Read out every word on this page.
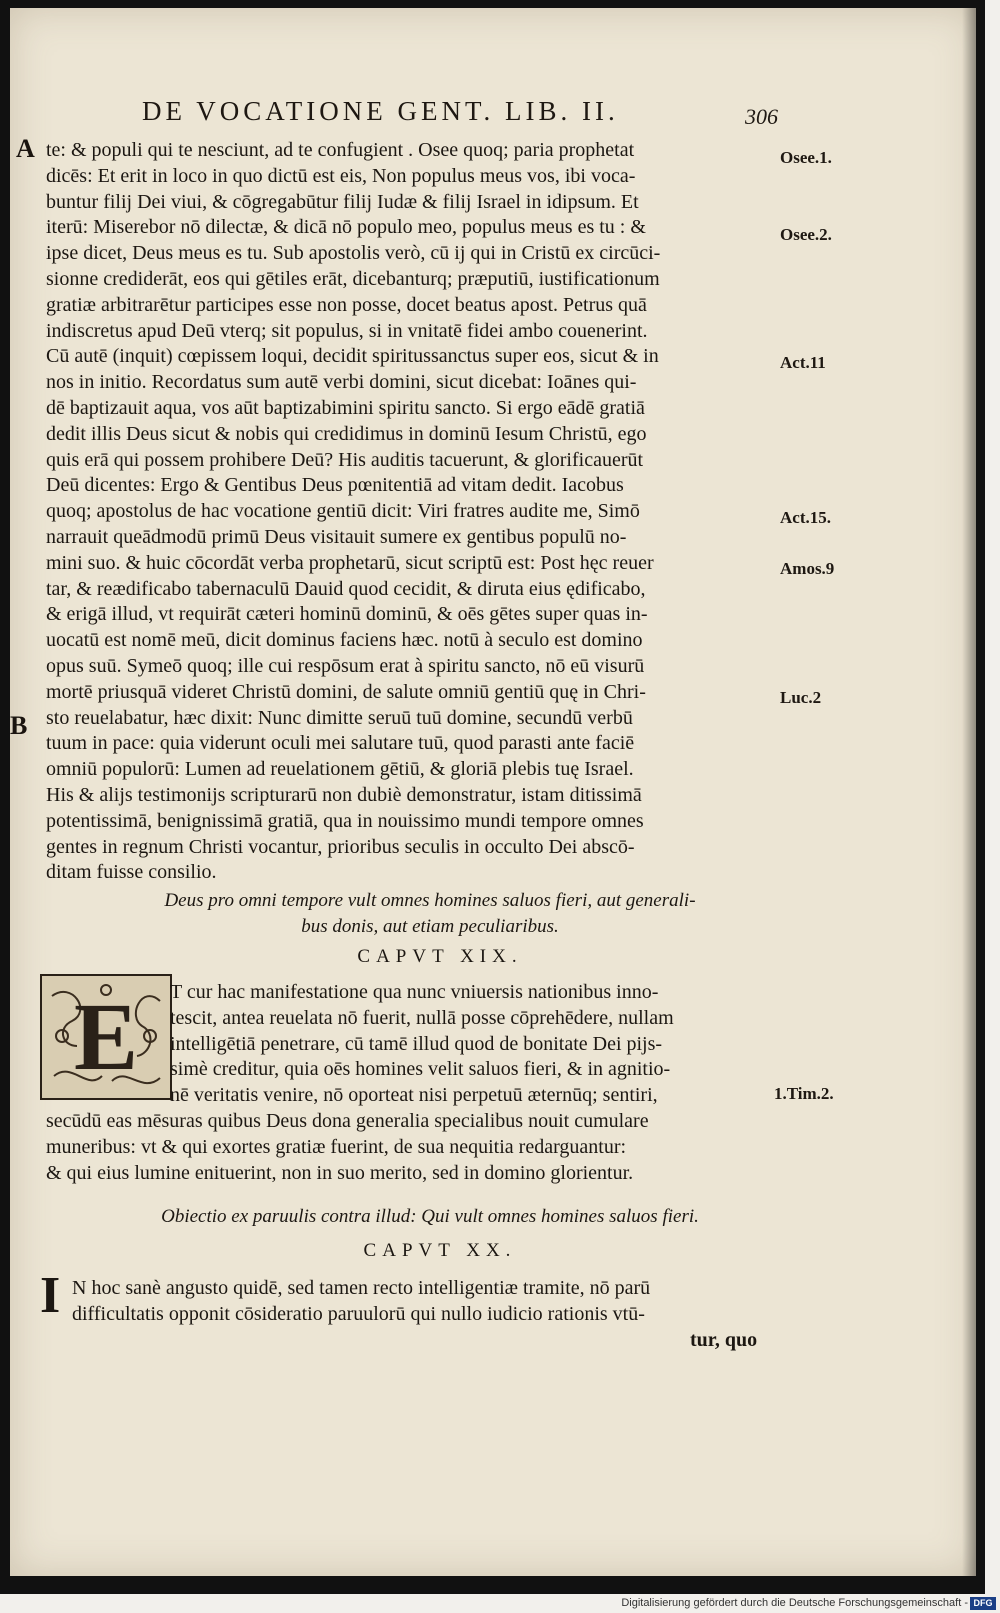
DE VOCATIONE GENT. LIB. II.	306
A
B
te: & populi qui te nesciunt, ad te confugient . Osee quoq; paria prophetat
dicēs: Et erit in loco in quo dictū est eis, Non populus meus vos, ibi voca-
buntur filij Dei viui, & cōgregabūtur filij Iudæ & filij Israel in idipsum. Et
iterū: Miserebor nō dilectæ, & dicā nō populo meo, populus meus es tu : &
ipse dicet, Deus meus es tu. Sub apostolis verò, cū ij qui in Cristū ex circūci-
sionne crediderāt, eos qui gētiles erāt, dicebanturq; præputiū, iustificationum
gratiæ arbitrarētur participes esse non posse, docet beatus apost. Petrus quā
indiscretus apud Deū vterq; sit populus, si in vnitatē fidei ambo couenerint.
Cū autē (inquit) cœpissem loqui, decidit spiritussanctus super eos, sicut & in
nos in initio. Recordatus sum autē verbi domini, sicut dicebat: Ioānes qui-
dē baptizauit aqua, vos aūt baptizabimini spiritu sancto. Si ergo eādē gratiā
dedit illis Deus sicut & nobis qui credidimus in dominū Iesum Christū, ego
quis erā qui possem prohibere Deū? His auditis tacuerunt, & glorificauerūt
Deū dicentes: Ergo & Gentibus Deus pœnitentiā ad vitam dedit. Iacobus
quoq; apostolus de hac vocatione gentiū dicit: Viri fratres audite me, Simō
narrauit queādmodū primū Deus visitauit sumere ex gentibus populū no-
mini suo. & huic cōcordāt verba prophetarū, sicut scriptū est: Post hęc reuer
tar, & reædificabo tabernaculū Dauid quod cecidit, & diruta eius ędificabo,
& erigā illud, vt requirāt cæteri hominū dominū, & oēs gētes super quas in-
uocatū est nomē meū, dicit dominus faciens hæc. notū à seculo est domino
opus suū. Symeō quoq; ille cui respōsum erat à spiritu sancto, nō eū visurū
mortē priusquā videret Christū domini, de salute omniū gentiū quę in Chri-
sto reuelabatur, hæc dixit: Nunc dimitte seruū tuū domine, secundū verbū
tuum in pace: quia viderunt oculi mei salutare tuū, quod parasti ante faciē
omniū populorū: Lumen ad reuelationem gētiū, & gloriā plebis tuę Israel.
His & alijs testimonijs scripturarū non dubiè demonstratur, istam ditissimā
potentissimā, benignissimā gratiā, qua in nouissimo mundi tempore omnes
gentes in regnum Christi vocantur, prioribus seculis in occulto Dei abscō-
ditam fuisse consilio.
Osee.1.
Osee.2.
Act.11
Act.15.
Amos.9
Luc.2
1.Tim.2.
Deus pro omni tempore vult omnes homines saluos fieri, aut generali-
bus donis, aut etiam peculiaribus.
CAPVT XIX.
E	T cur hac manifestatione qua nunc vniuersis nationibus inno-
tescit, antea reuelata nō fuerit, nullā posse cōprehēdere, nullam
intelligētiā penetrare, cū tamē illud quod de bonitate Dei pijs-
simè creditur, quia oēs homines velit saluos fieri, & in agnitio-
nē veritatis venire, nō oporteat nisi perpetuū æternūq; sentiri,
secūdū eas mēsuras quibus Deus dona generalia specialibus nouit cumulare
muneribus: vt & qui exortes gratiæ fuerint, de sua nequitia redarguantur:
& qui eius lumine enituerint, non in suo merito, sed in domino glorientur.
Obiectio ex paruulis contra illud: Qui vult omnes homines saluos fieri.
CAPVT XX.
I N hoc sanè angusto quidē, sed tamen recto intelligentiæ tramite, nō parū
difficultatis opponit cōsideratio paruulorū qui nullo iudicio rationis vtū-
tur, quo
Digitalisierung gefördert durch die Deutsche Forschungsgemeinschaft - DFG
